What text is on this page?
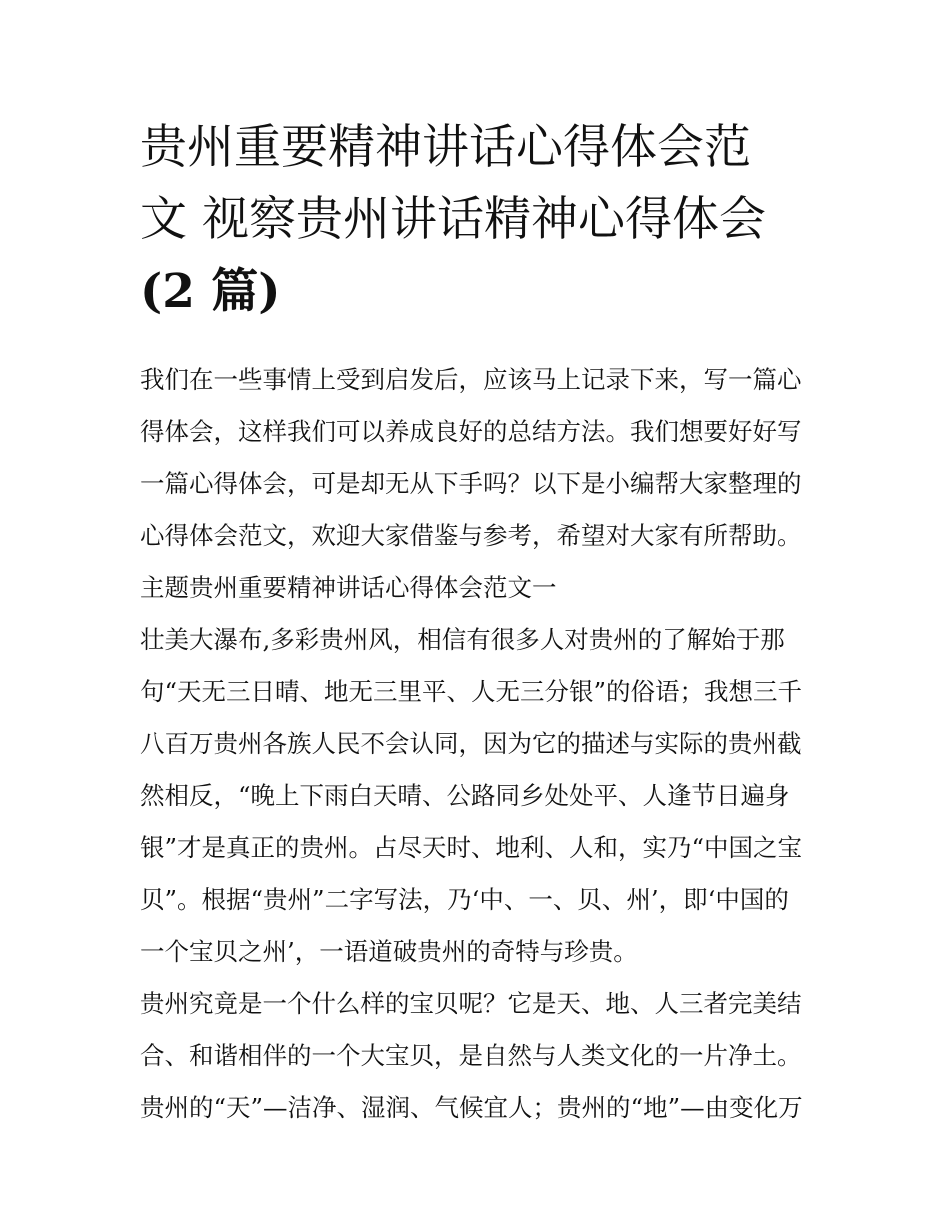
贵州重要精神讲话心得体会范
文 视察贵州讲话精神心得体会
(2 篇)
我们在一些事情上受到启发后，应该马上记录下来，写一篇心
得体会，这样我们可以养成良好的总结方法。我们想要好好写
一篇心得体会，可是却无从下手吗？以下是小编帮大家整理的
心得体会范文，欢迎大家借鉴与参考，希望对大家有所帮助。
主题贵州重要精神讲话心得体会范文一
壮美大瀑布,多彩贵州风，相信有很多人对贵州的了解始于那
句“天无三日晴、地无三里平、人无三分银”的俗语；我想三千
八百万贵州各族人民不会认同，因为它的描述与实际的贵州截
然相反，“晚上下雨白天晴、公路同乡处处平、人逢节日遍身
银”才是真正的贵州。占尽天时、地利、人和，实乃“中国之宝
贝”。根据“贵州”二字写法，乃‘中、一、贝、州’，即‘中国的
一个宝贝之州’，一语道破贵州的奇特与珍贵。
贵州究竟是一个什么样的宝贝呢？它是天、地、人三者完美结
合、和谐相伴的一个大宝贝，是自然与人类文化的一片净土。
贵州的“天”—洁净、湿润、气候宜人；贵州的“地”—由变化万
